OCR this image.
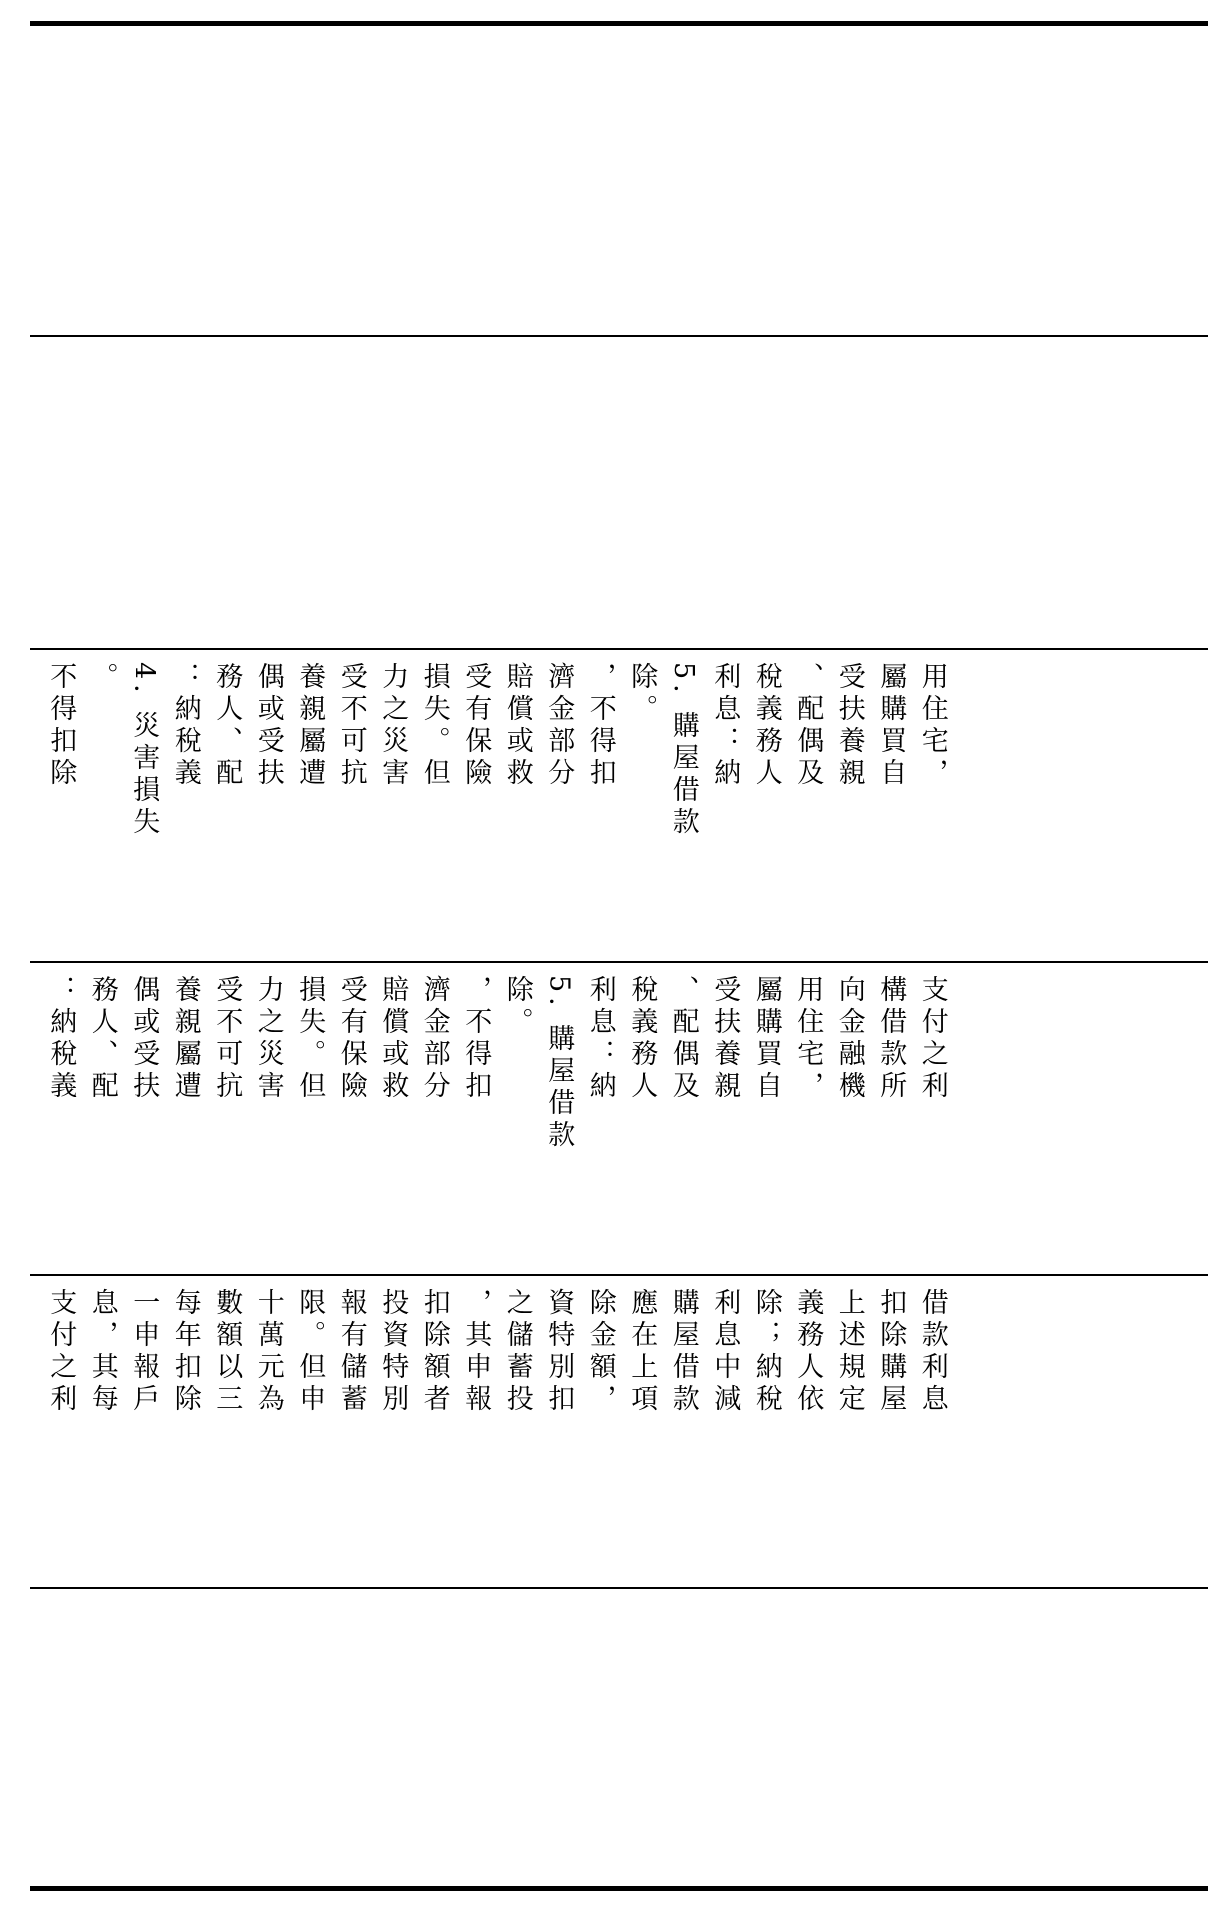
不得扣除 。 4. 災害損失 ：納稅義 務人、配 偶或受扶 養親屬遭 受不可抗 力之災害 損失。但 受有保險 賠償或救 濟金部分 ，不得扣 除。 5. 購屋借款 利息：納 稅義務人 、配偶及 受扶養親 屬購買自 用住宅，
：納稅義 務人、配 偶或受扶 養親屬遭 受不可抗 力之災害 損失。但 受有保險 賠償或救 濟金部分 ，不得扣 除。 5. 購屋借款 利息：納 稅義務人 、配偶及 受扶養親 屬購買自 用住宅， 向金融機 構借款所 支付之利
支付之利 息，其每 一申報戶 每年扣除 數額以三 十萬元為 限。但申 報有儲蓄 投資特別 扣除額者 ，其申報 之儲蓄投 資特別扣 除金額， 應在上項 購屋借款 利息中減 除；納稅 義務人依 上述規定 扣除購屋 借款利息
